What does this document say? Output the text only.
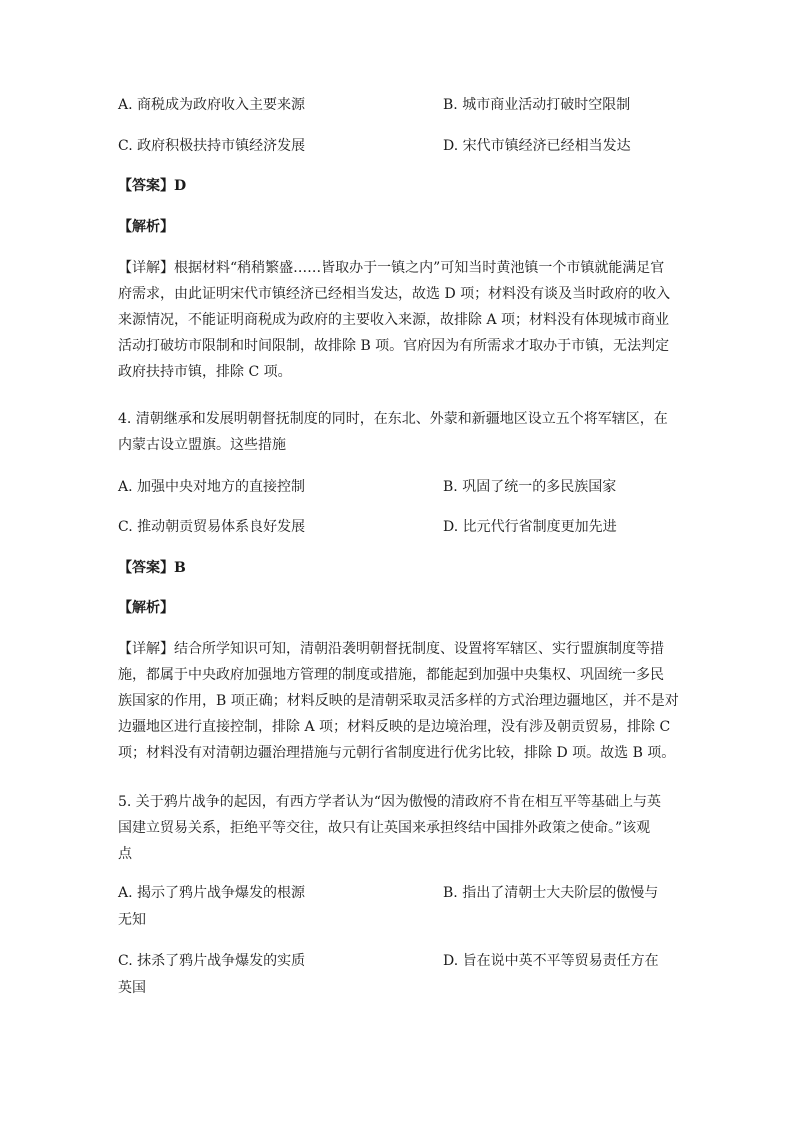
A. 商税成为政府收入主要来源	B. 城市商业活动打破时空限制
C. 政府积极扶持市镇经济发展	D. 宋代市镇经济已经相当发达
【答案】D
【解析】
【详解】根据材料“稍稍繁盛……皆取办于一镇之内”可知当时黄池镇一个市镇就能满足官
府需求，由此证明宋代市镇经济已经相当发达，故选 D 项；材料没有谈及当时政府的收入
来源情况，不能证明商税成为政府的主要收入来源，故排除 A 项；材料没有体现城市商业
活动打破坊市限制和时间限制，故排除 B 项。官府因为有所需求才取办于市镇，无法判定
政府扶持市镇，排除 C 项。
4. 清朝继承和发展明朝督抚制度的同时，在东北、外蒙和新疆地区设立五个将军辖区，在
内蒙古设立盟旗。这些措施
A. 加强中央对地方的直接控制	B. 巩固了统一的多民族国家
C. 推动朝贡贸易体系良好发展	D. 比元代行省制度更加先进
【答案】B
【解析】
【详解】结合所学知识可知，清朝沿袭明朝督抚制度、设置将军辖区、实行盟旗制度等措
施，都属于中央政府加强地方管理的制度或措施，都能起到加强中央集权、巩固统一多民
族国家的作用，B 项正确；材料反映的是清朝采取灵活多样的方式治理边疆地区，并不是对
边疆地区进行直接控制，排除 A 项；材料反映的是边境治理，没有涉及朝贡贸易，排除 C
项；材料没有对清朝边疆治理措施与元朝行省制度进行优劣比较，排除 D 项。故选 B 项。
5. 关于鸦片战争的起因，有西方学者认为“因为傲慢的清政府不肯在相互平等基础上与英
国建立贸易关系，拒绝平等交往，故只有让英国来承担终结中国排外政策之使命。”该观
点
A. 揭示了鸦片战争爆发的根源	B. 指出了清朝士大夫阶层的傲慢与
无知
C. 抹杀了鸦片战争爆发的实质	D. 旨在说中英不平等贸易责任方在
英国
